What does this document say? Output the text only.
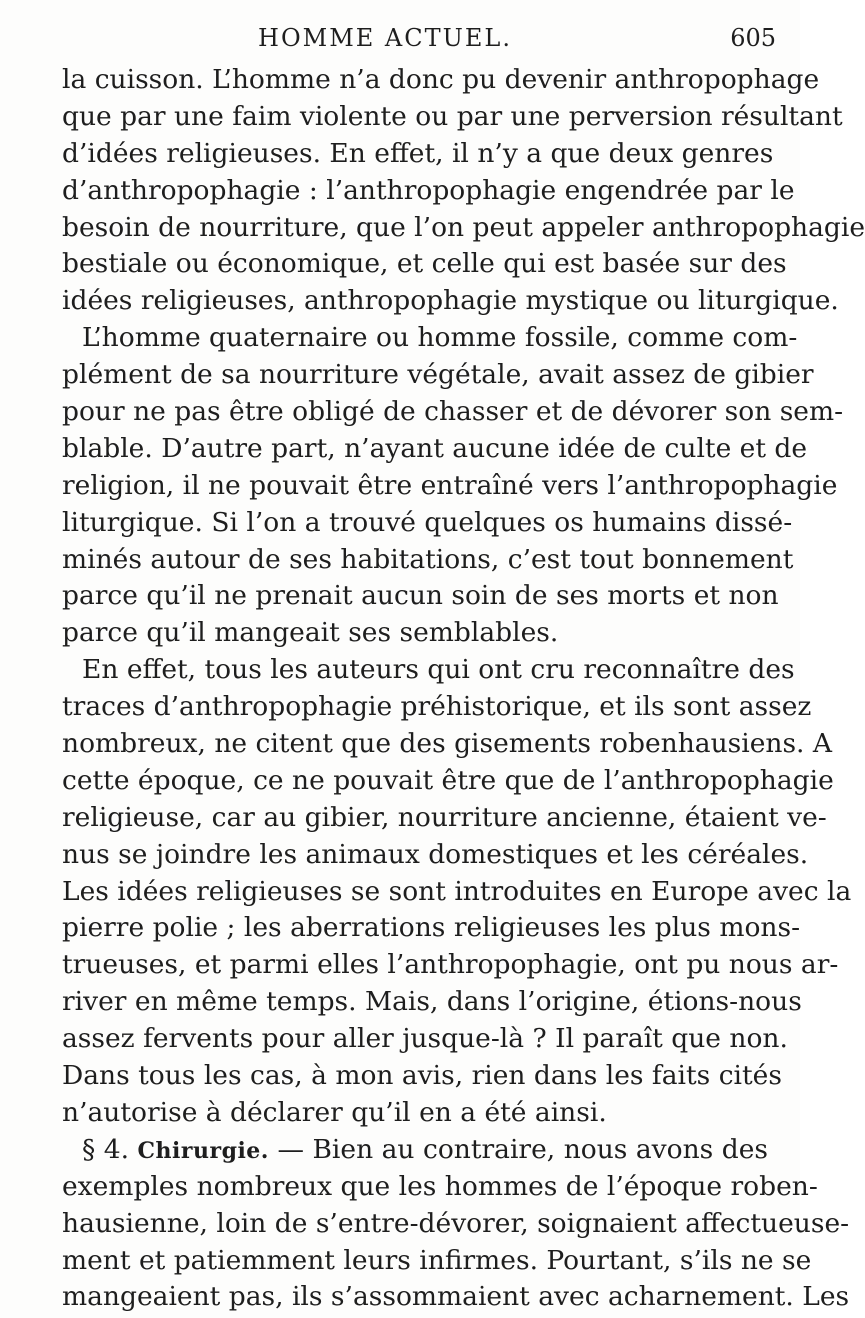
HOMME ACTUEL.	605
la cuisson. L’homme n’a donc pu devenir anthropophage
que par une faim violente ou par une perversion résultant
d’idées religieuses. En effet, il n’y a que deux genres
d’anthropophagie : l’anthropophagie engendrée par le
besoin de nourriture, que l’on peut appeler anthropophagie
bestiale ou économique, et celle qui est basée sur des
idées religieuses, anthropophagie mystique ou liturgique.
L’homme quaternaire ou homme fossile, comme com-
plément de sa nourriture végétale, avait assez de gibier
pour ne pas être obligé de chasser et de dévorer son sem-
blable. D’autre part, n’ayant aucune idée de culte et de
religion, il ne pouvait être entraîné vers l’anthropophagie
liturgique. Si l’on a trouvé quelques os humains dissé-
minés autour de ses habitations, c’est tout bonnement
parce qu’il ne prenait aucun soin de ses morts et non
parce qu’il mangeait ses semblables.
En effet, tous les auteurs qui ont cru reconnaître des
traces d’anthropophagie préhistorique, et ils sont assez
nombreux, ne citent que des gisements robenhausiens. A
cette époque, ce ne pouvait être que de l’anthropophagie
religieuse, car au gibier, nourriture ancienne, étaient ve-
nus se joindre les animaux domestiques et les céréales.
Les idées religieuses se sont introduites en Europe avec la
pierre polie ; les aberrations religieuses les plus mons-
trueuses, et parmi elles l’anthropophagie, ont pu nous ar-
river en même temps. Mais, dans l’origine, étions-nous
assez fervents pour aller jusque-là ? Il paraît que non.
Dans tous les cas, à mon avis, rien dans les faits cités
n’autorise à déclarer qu’il en a été ainsi.
§ 4. Chirurgie. — Bien au contraire, nous avons des
exemples nombreux que les hommes de l’époque roben-
hausienne, loin de s’entre-dévorer, soignaient affectueuse-
ment et patiemment leurs infirmes. Pourtant, s’ils ne se
mangeaient pas, ils s’assommaient avec acharnement. Les
